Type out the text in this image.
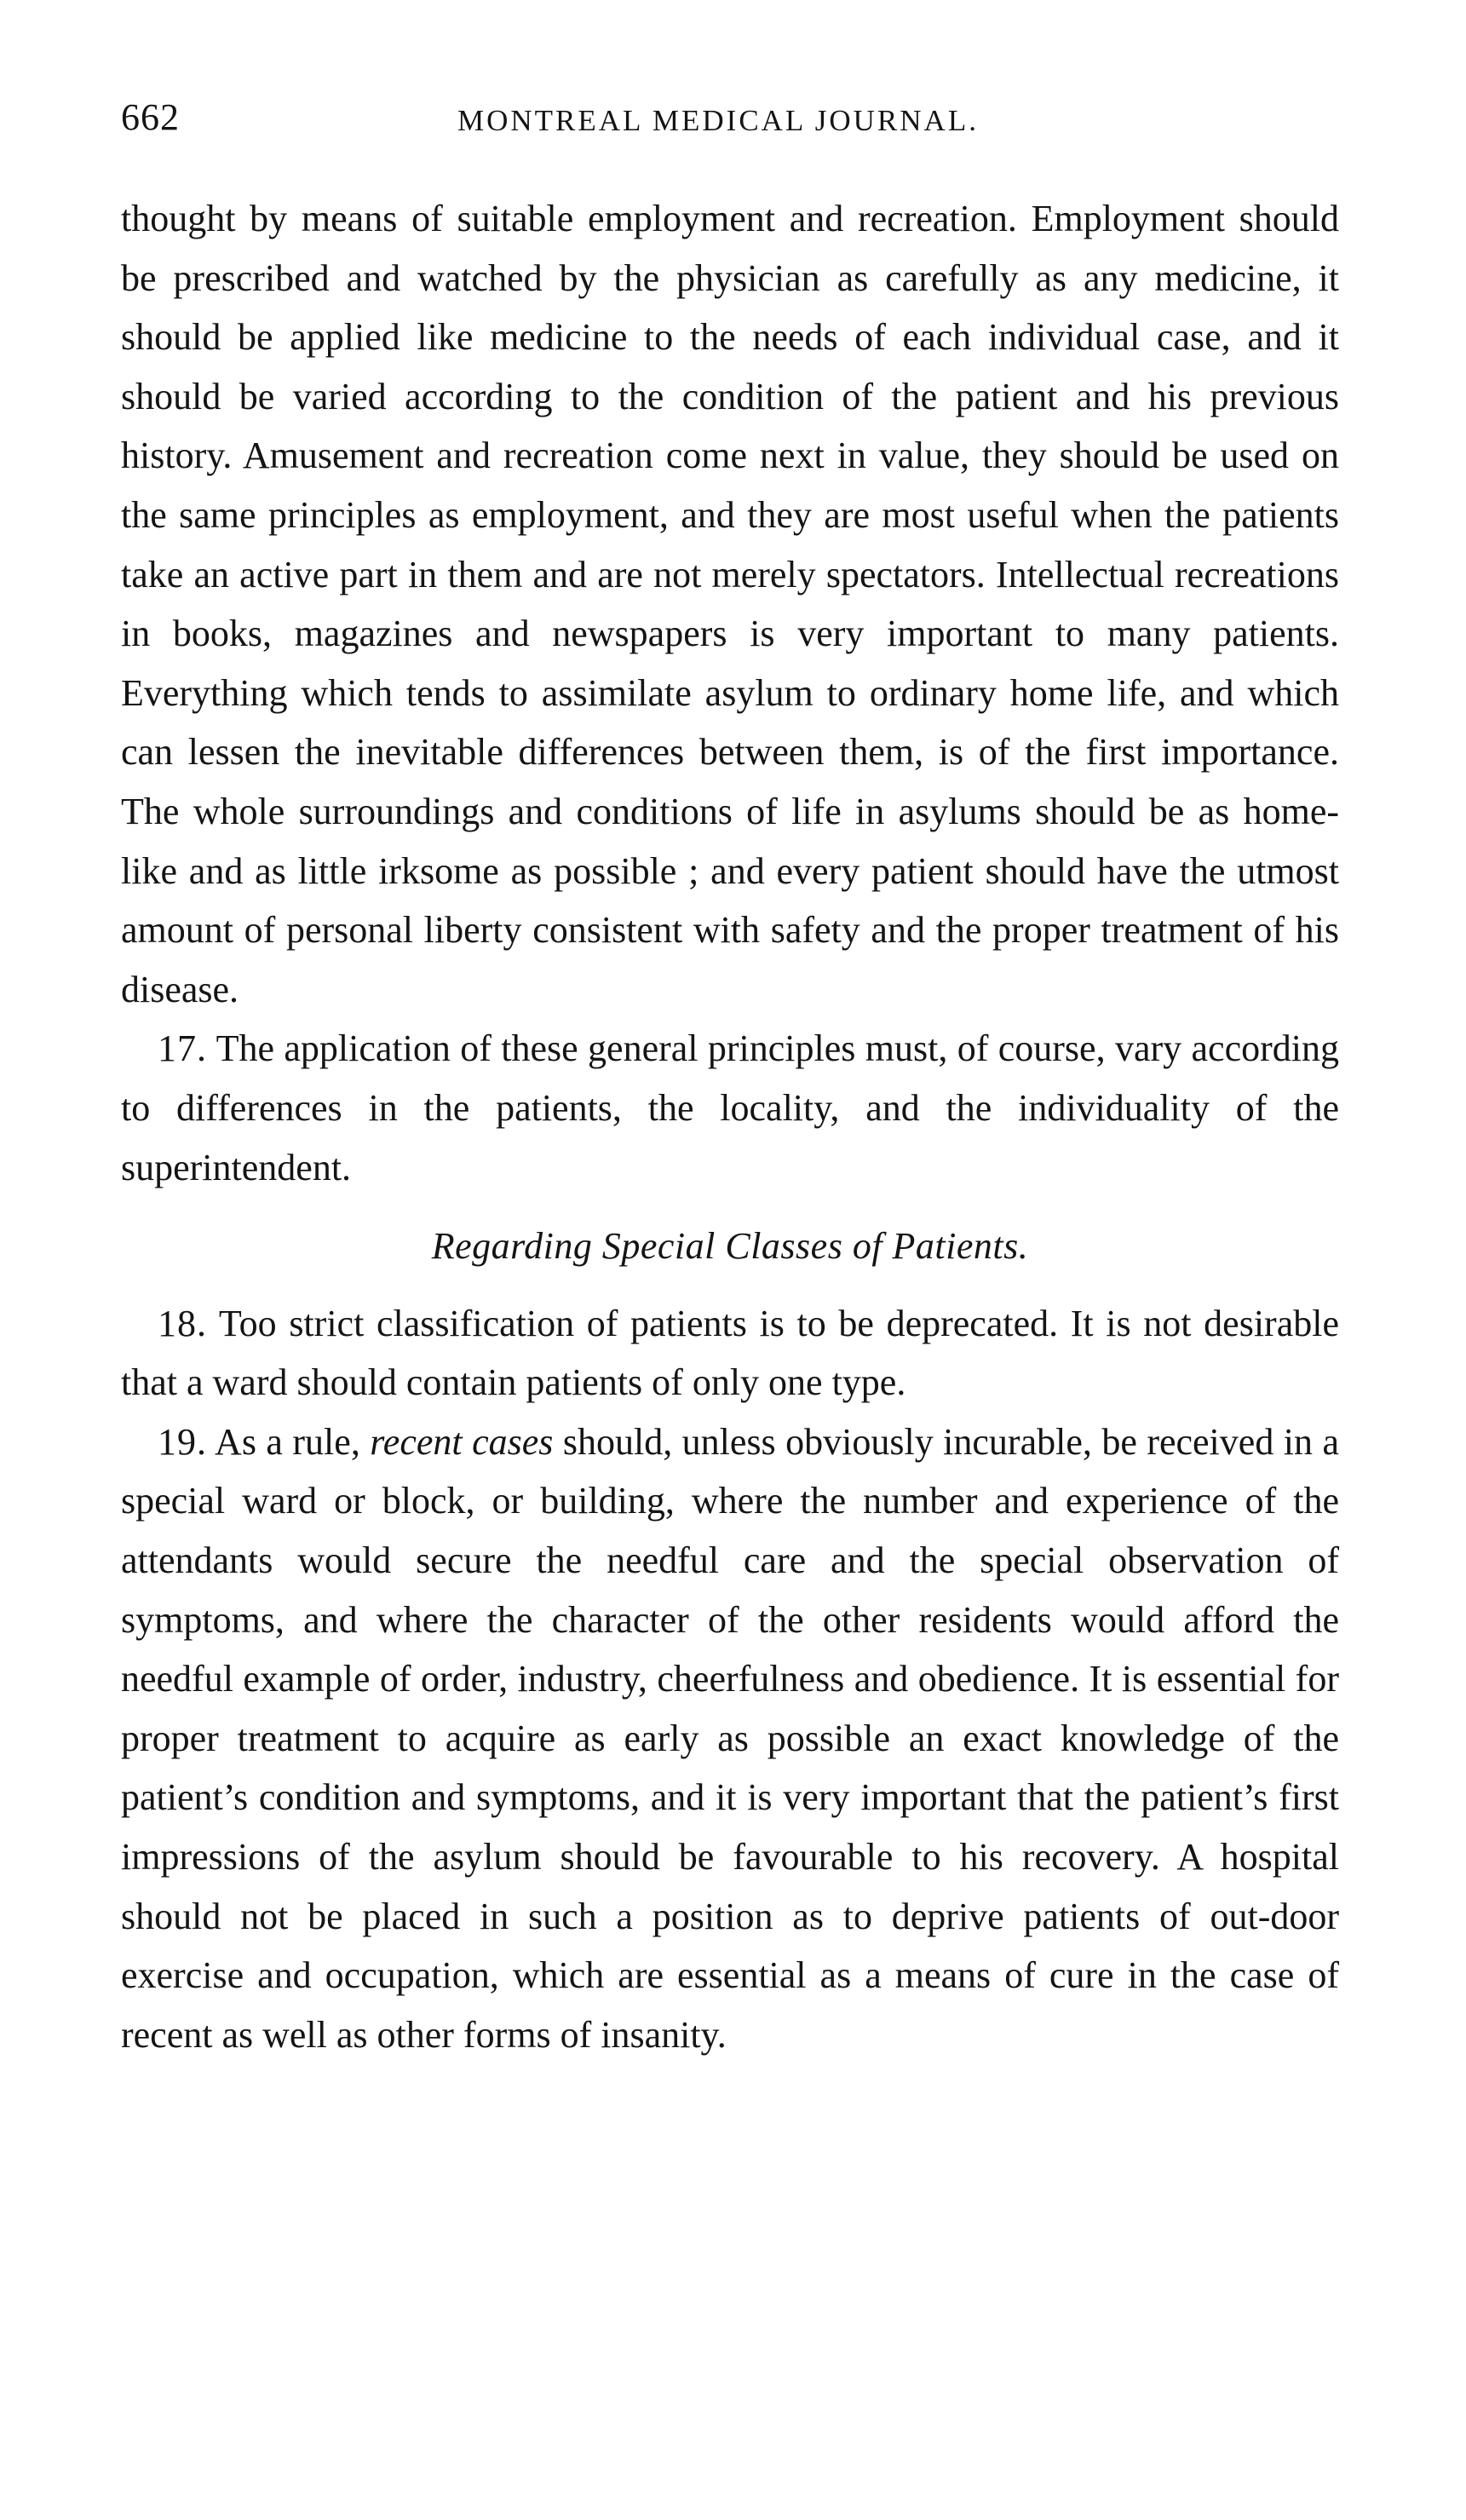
662	MONTREAL MEDICAL JOURNAL.

thought by means of suitable employment and recreation. Employment should be prescribed and watched by the physician as carefully as any medicine, it should be applied like medicine to the needs of each individual case, and it should be varied according to the condition of the patient and his previous history. Amusement and recreation come next in value, they should be used on the same principles as employment, and they are most useful when the patients take an active part in them and are not merely spectators. Intellectual recreations in books, magazines and newspapers is very important to many patients. Everything which tends to assimilate asylum to ordinary home life, and which can lessen the inevitable differences between them, is of the first importance. The whole surroundings and conditions of life in asylums should be as home-like and as little irksome as possible ; and every patient should have the utmost amount of personal liberty consistent with safety and the proper treatment of his disease.

17. The application of these general principles must, of course, vary according to differences in the patients, the locality, and the individuality of the superintendent.

Regarding Special Classes of Patients.

18. Too strict classification of patients is to be deprecated. It is not desirable that a ward should contain patients of only one type.

19. As a rule, recent cases should, unless obviously incurable, be received in a special ward or block, or building, where the number and experience of the attendants would secure the needful care and the special observation of symptoms, and where the character of the other residents would afford the needful example of order, industry, cheerfulness and obedience. It is essential for proper treatment to acquire as early as possible an exact knowledge of the patient’s condition and symptoms, and it is very important that the patient’s first impressions of the asylum should be favourable to his recovery. A hospital should not be placed in such a position as to deprive patients of out-door exercise and occupation, which are essential as a means of cure in the case of recent as well as other forms of insanity.
